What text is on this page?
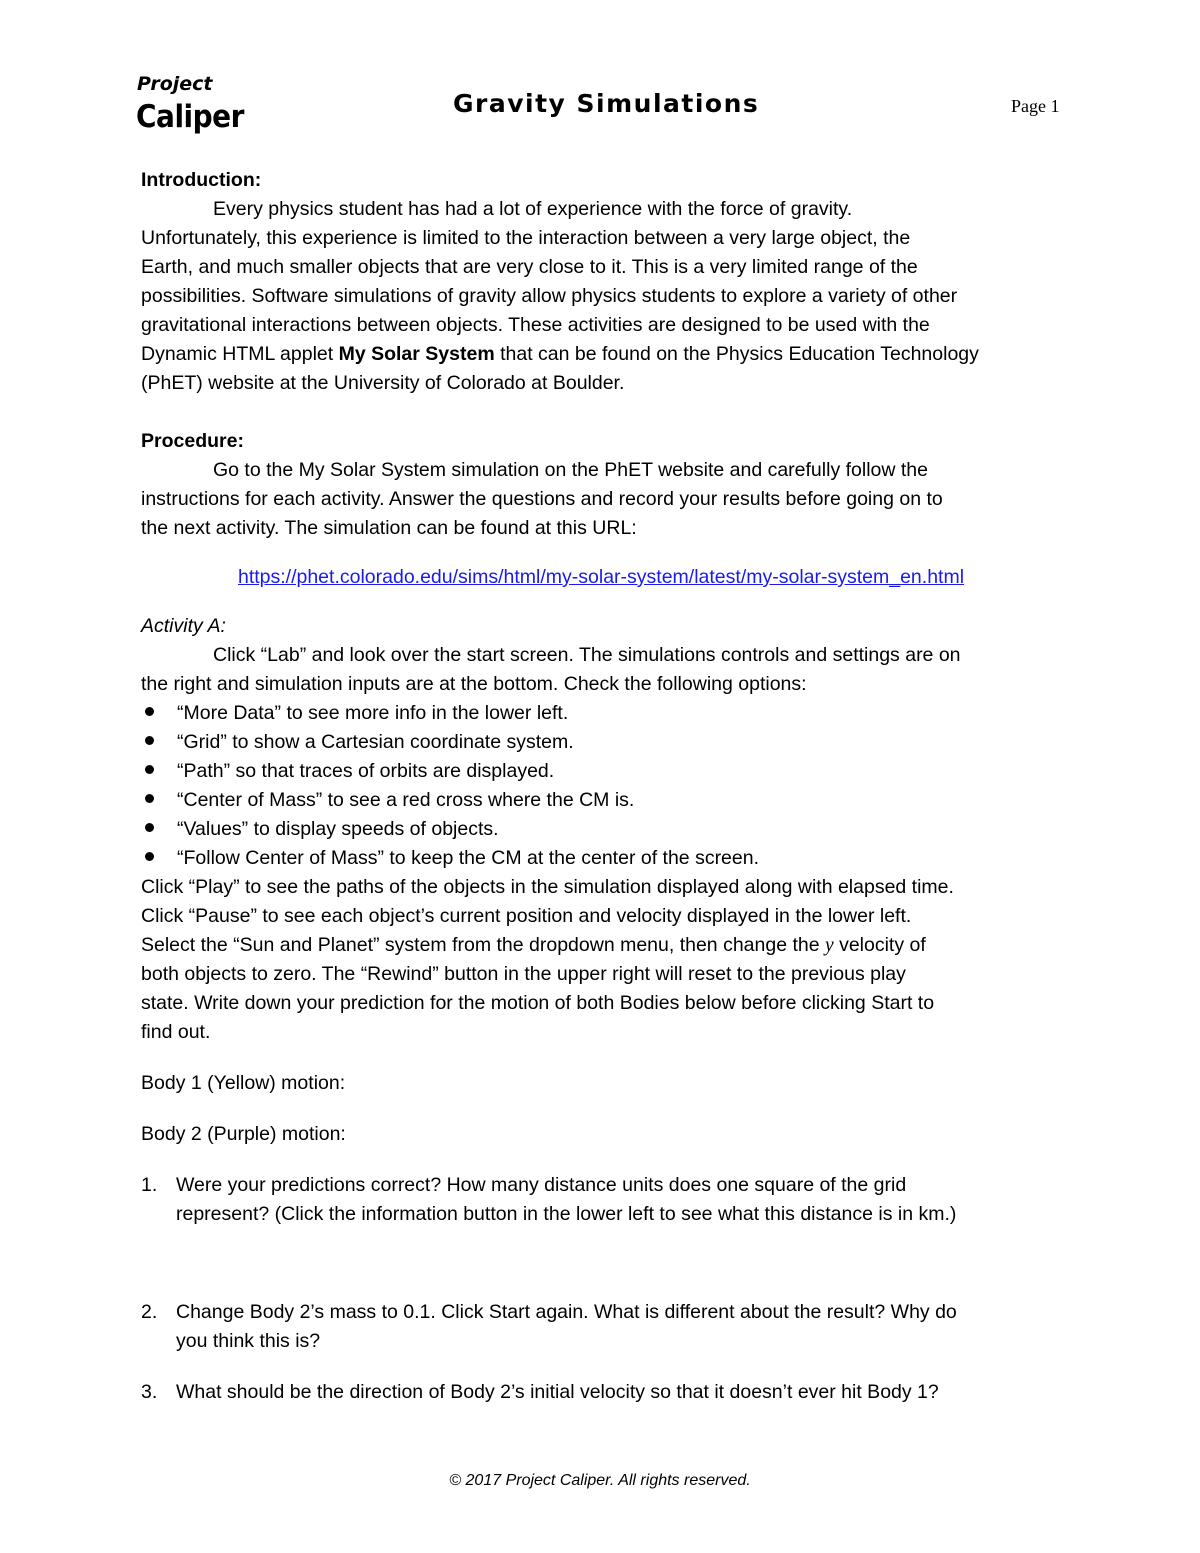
Project
Caliper	Gravity Simulations	Page 1

Introduction:

Every physics student has had a lot of experience with the force of gravity.

Unfortunately, this experience is limited to the interaction between a very large object, the

Earth, and much smaller objects that are very close to it. This is a very limited range of the

possibilities. Software simulations of gravity allow physics students to explore a variety of other

gravitational interactions between objects. These activities are designed to be used with the

Dynamic HTML applet My Solar System that can be found on the Physics Education Technology

(PhET) website at the University of Colorado at Boulder.

Procedure:

Go to the My Solar System simulation on the PhET website and carefully follow the

instructions for each activity. Answer the questions and record your results before going on to

the next activity. The simulation can be found at this URL:

https://phet.colorado.edu/sims/html/my-solar-system/latest/my-solar-system_en.html

Activity A:

Click “Lab” and look over the start screen. The simulations controls and settings are on

the right and simulation inputs are at the bottom. Check the following options:

“More Data” to see more info in the lower left.
“Grid” to show a Cartesian coordinate system.
“Path” so that traces of orbits are displayed.
“Center of Mass” to see a red cross where the CM is.
“Values” to display speeds of objects.
“Follow Center of Mass” to keep the CM at the center of the screen.

Click “Play” to see the paths of the objects in the simulation displayed along with elapsed time.

Click “Pause” to see each object’s current position and velocity displayed in the lower left.

Select the “Sun and Planet” system from the dropdown menu, then change the y velocity of

both objects to zero. The “Rewind” button in the upper right will reset to the previous play

state. Write down your prediction for the motion of both Bodies below before clicking Start to

find out.

Body 1 (Yellow) motion:

Body 2 (Purple) motion:

1. Were your predictions correct? How many distance units does one square of the grid
represent? (Click the information button in the lower left to see what this distance is in km.)
2. Change Body 2’s mass to 0.1. Click Start again. What is different about the result? Why do
you think this is?
3. What should be the direction of Body 2’s initial velocity so that it doesn’t ever hit Body 1?
© 2017 Project Caliper. All rights reserved.
